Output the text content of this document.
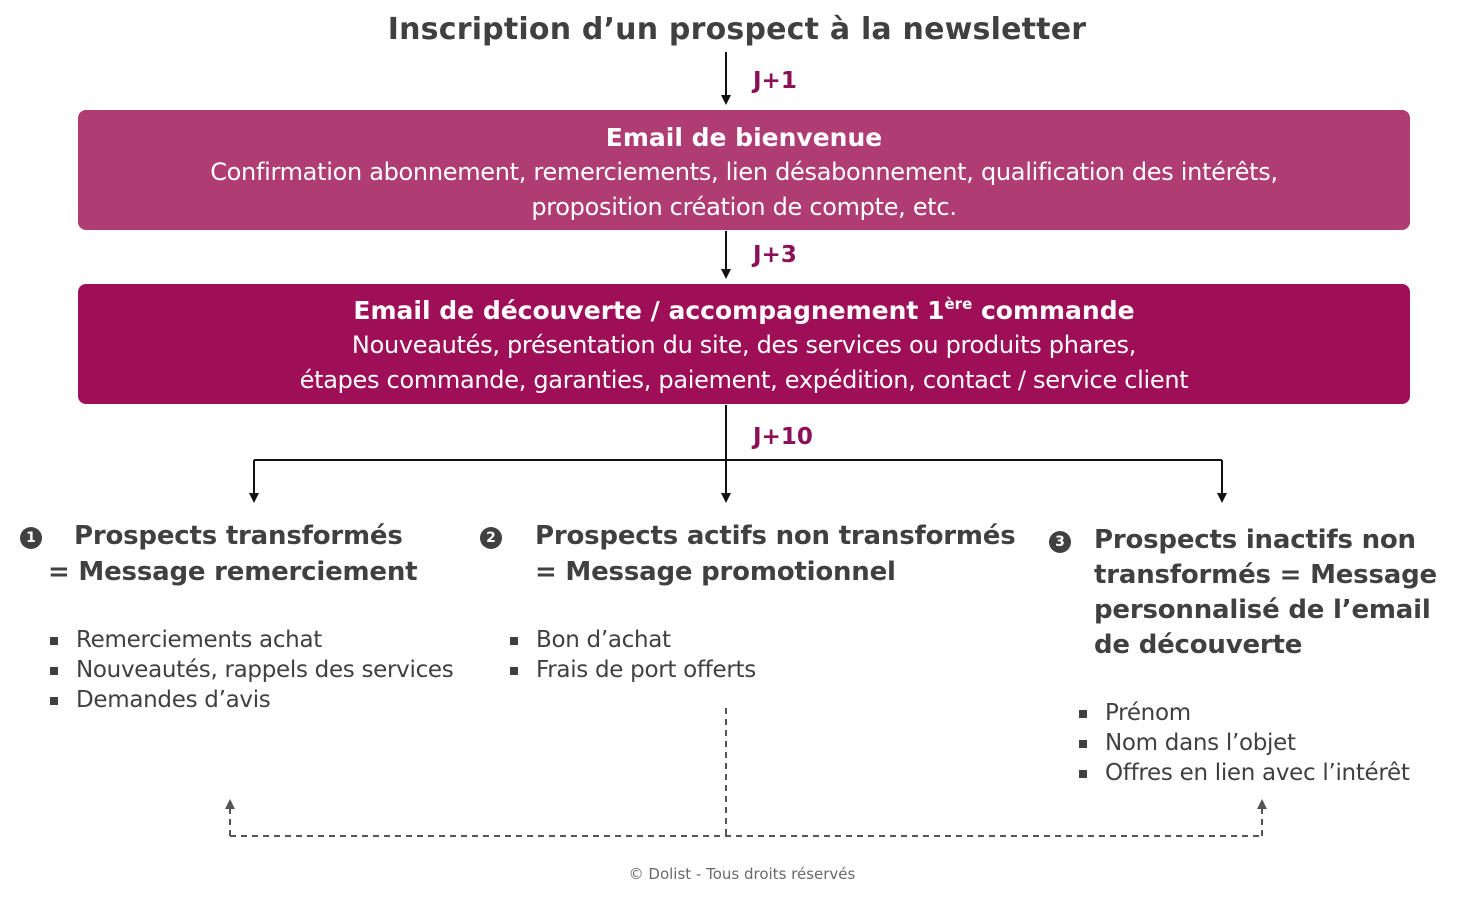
Inscription d’un prospect à la newsletter
J+1
J+3
J+10
Email de bienvenue
Confirmation abonnement, remerciements, lien désabonnement, qualification des intérêts,
proposition création de compte, etc.
Email de découverte / accompagnement 1ère commande
Nouveautés, présentation du site, des services ou produits phares,
étapes commande, garanties, paiement, expédition, contact / service client
1 Prospects transformés
= Message remerciement
Remerciements achat
Nouveautés, rappels des services
Demandes d’avis
2 Prospects actifs non transformés
= Message promotionnel
Bon d’achat
Frais de port offerts
3 Prospects inactifs non
transformés = Message
personnalisé de l’email
de découverte
Prénom
Nom dans l’objet
Offres en lien avec l’intérêt
© Dolist - Tous droits réservés
